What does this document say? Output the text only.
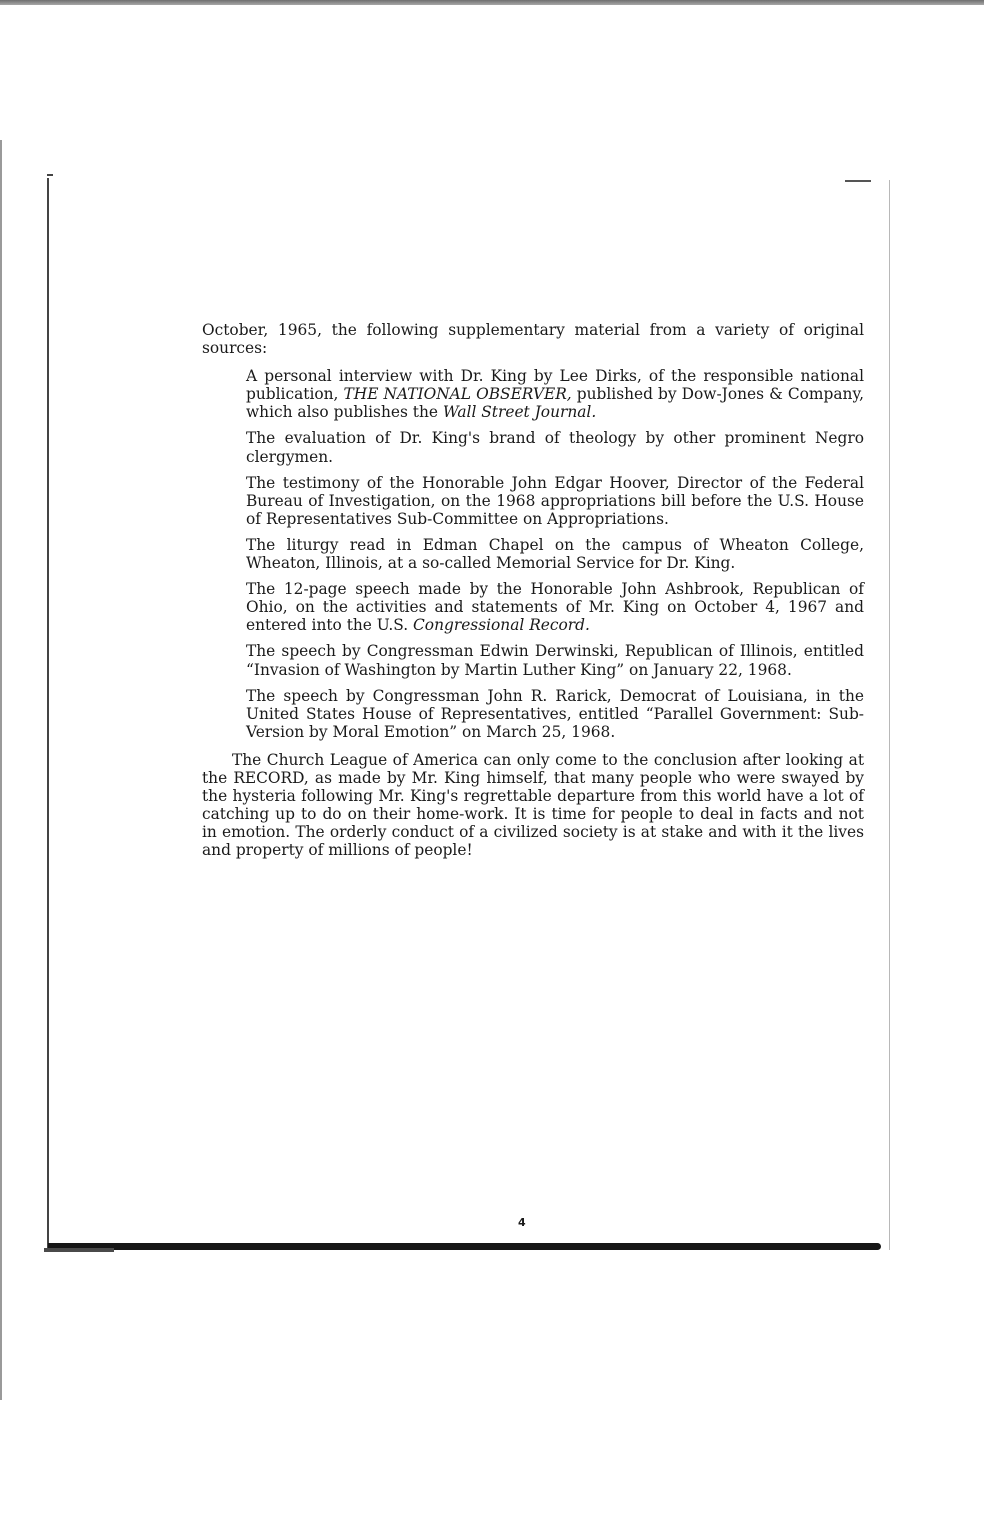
October, 1965, the following supplementary material from a variety of original sources:

A personal interview with Dr. King by Lee Dirks, of the responsible national publication, THE NATIONAL OBSERVER, published by Dow-Jones & Company, which also publishes the Wall Street Journal.

The evaluation of Dr. King's brand of theology by other prominent Negro clergymen.

The testimony of the Honorable John Edgar Hoover, Director of the Federal Bureau of Investigation, on the 1968 appropriations bill before the U.S. House of Representatives Sub-Committee on Appropriations.

The liturgy read in Edman Chapel on the campus of Wheaton College, Wheaton, Illinois, at a so-called Memorial Service for Dr. King.

The 12-page speech made by the Honorable John Ashbrook, Republican of Ohio, on the activities and statements of Mr. King on October 4, 1967 and entered into the U.S. Congressional Record.

The speech by Congressman Edwin Derwinski, Republican of Illinois, entitled “Invasion of Washington by Martin Luther King” on January 22, 1968.

The speech by Congressman John R. Rarick, Democrat of Louisiana, in the United States House of Representatives, entitled “Parallel Government: Sub-Version by Moral Emotion” on March 25, 1968.

The Church League of America can only come to the conclusion after looking at the RECORD, as made by Mr. King himself, that many people who were swayed by the hysteria following Mr. King's regrettable departure from this world have a lot of catching up to do on their home-work. It is time for people to deal in facts and not in emotion. The orderly conduct of a civilized society is at stake and with it the lives and property of millions of people!

4
